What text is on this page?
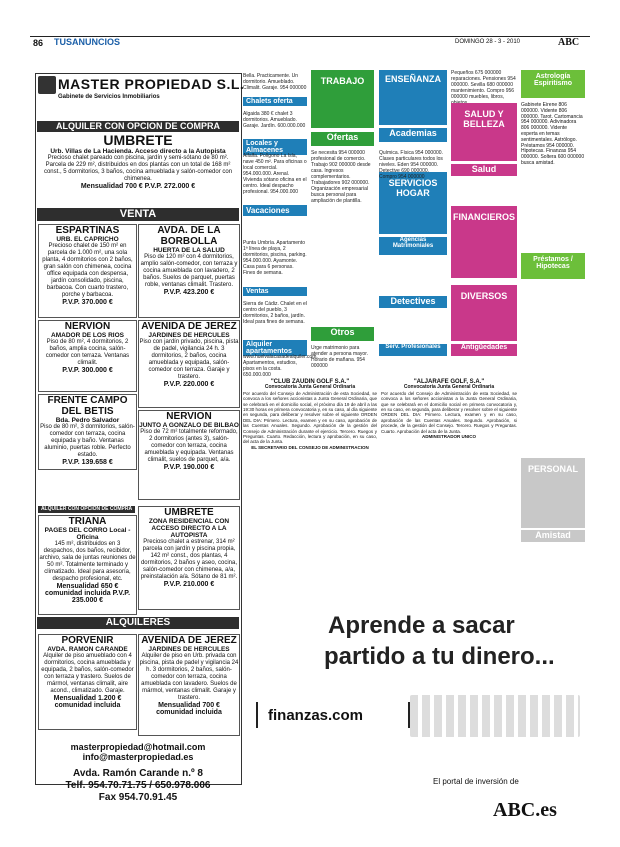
86 TUSANUNCIOS	DOMINGO 28 - 3 - 2010	ABC
MASTER PROPIEDAD S.L.
Gabinete de Servicios Inmobiliarios
ALQUILER CON OPCION DE COMPRA
UMBRETE
Urb. Villas de La Hacienda. Acceso directo a la Autopista
Precioso chalet pareado con piscina, jardín y semi-sótano de 80 m². Parcela de 229 m², distribuidos en dos plantas con un total de 168 m² const., 5 dormitorios, 3 baños, cocina amueblada y salón-comedor con chimenea.
Mensualidad 700 € P.V.P. 272.000 €
VENTA
ESPARTINAS
URB. EL CAPRICHO
Precioso chalet de 150 m² en parcela de 1.000 m², una sola planta, 4 dormitorios con 2 baños, gran salón con chimenea, cocina office equipada con despensa, jardín consolidado, piscina, barbacoa. Con cuarto trastero, porche y barbacoa.
P.V.P. 370.000 €
AVDA. DE LA BORBOLLA
HUERTA DE LA SALUD
Piso de 120 m² con 4 dormitorios, amplio salón-comedor, con terraza y cocina amueblada con lavadero, 2 baños. Suelos de parquet, puertas roble, ventanas climalit. Trastero.
P.V.P. 423.200 €
NERVION
AMADOR DE LOS RIOS
Piso de 80 m², 4 dormitorios, 2 baños, amplia cocina, salón-comedor con terraza. Ventanas climalit.
P.V.P. 300.000 €
AVENIDA DE JEREZ
JARDINES DE HERCULES
Piso con jardín privado, piscina, pista de padel, vigilancia 24 h. 3 dormitorios, 2 baños, cocina amueblada y equipada, salón-comedor con terraza. Garaje y trastero.
P.V.P. 220.000 €
FRENTE CAMPO DEL BETIS
Bda. Pedro Salvador
Piso de 80 m², 3 dormitorios, salón-comedor con terraza, cocina equipada y baño. Ventanas aluminio, puertas roble. Perfecto estado.
P.V.P. 139.658 €
NERVION
JUNTO A GONZALO DE BILBAO
Piso de 72 m² totalmente reformado, 2 dormitorios (antes 3), salón-comedor con terraza, cocina amueblada y equipada. Ventanas climalit, suelos de parquet, a/a.
P.V.P. 190.000 €
ALQUILER CON OPCION DE COMPRA
TRIANA
PAGES DEL CORRO Local - Oficina
145 m², distribuidos en 3 despachos, dos baños, recibidor, archivo, sala de juntas reuniones de 50 m². Totalmente terminado y climatizado. Ideal para asesoría, despacho profesional, etc.
Mensualidad 650 € comunidad incluida P.V.P. 235.000 €
UMBRETE
ZONA RESIDENCIAL CON ACCESO DIRECTO A LA AUTOPISTA
Precioso chalet a estrenar, 314 m² parcela con jardín y piscina propia, 142 m² const., dos plantas, 4 dormitorios, 2 baños y aseo, cocina, salón-comedor con chimenea, a/a, preinstalación a/a. Sótano de 81 m².
P.V.P. 210.000 €
ALQUILERES
PORVENIR
AVDA. RAMON CARANDE
Alquiler de piso amueblado con 4 dormitorios, cocina amueblada y equipada, 2 baños, salón-comedor con terraza y trastero. Suelos de mármol, ventanas climalit, aire acond., climatizado. Garaje.
Mensualidad 1.200 € comunidad incluida
AVENIDA DE JEREZ
JARDINES DE HERCULES
Alquiler de piso en Urb. privada con piscina, pista de padel y vigilancia 24 h. 3 dormitorios, 2 baños, salón-comedor con terraza, cocina amueblada con lavadero. Suelos de mármol, ventanas climalit. Garaje y trastero.
Mensualidad 700 € comunidad incluida
masterpropiedad@hotmail.com
info@masterpropiedad.es
Avda. Ramón Carande n.º 8
Telf. 954.70.71.75 / 650.978.006
Fax 954.70.91.45
Bella. Practicamente. Un dormitorio. Amueblado. Climalit. Garaje. 954 000000
Chalets oferta
Algaida 380 € chalet 3 dormitorios. Amueblado. Garaje. Jardín. 600.000.000
Locales y Almacenes
Alfalfa. Polígono La Isla, nave 450 m². Para oficinas o local comercial. 954.000.000. Arenal. Vivienda sótano oficina en el centro. Ideal despacho profesional. 954.000.000
Vacaciones
Punta Umbría. Apartamento 1ª línea de playa, 2 dormitorios, piscina, parking. 954.000.000. Ayamonte. Casa para 6 personas. Fines de semana.
Ventas
Sierra de Cádiz. Chalet en el centro del pueblo, 3 dormitorios, 2 baños, jardín. Ideal para fines de semana.
Alquiler apartamentos
www.huelvalacasadealquiler.com. Apartamentos, estudios, pisos en la costa. 650.000.000
TRABAJO
Ofertas
Se necesita 954 000000 profesional de comercio. Trabajo 902 000000 desde casa. Ingresos complementarios. Trabajadores 902 000000. Organización empresarial busca personal para ampliación de plantilla.
Otros
Urge matrimonio para atender a persona mayor. Horario de mañana. 954 000000
ENSEÑANZA
Academias
SERVICIOS HOGAR
Agencias Matrimoniales
Detectives
Serv. Profesionales
Química. Física 954 000000. Clases particulares todos los niveles. Eden 954 000000. Detective 690 000000. Compro 954 000000
Pequeños 675 000000 reparaciones. Pensiones 954 000000. Sevilla 680 000000 mantenimiento. Compro 956 000000 muebles, libros,
SALUD Y BELLEZA
Salud
FINANCIEROS
DIVERSOS
Antigüedades
Astrología Espiritismo
Gabinete Eirene 806 000000. Vidente 806 000000. Tarot. Cartomancia 954 000000. Adivinadora 806 000000. Vidente experta en temas sentimentales. Astrólogo. Préstamos 954 000000. Hipotecas. Finanzas 954 000000. Soltera 600 000000 busca amistad.
Préstamos / Hipotecas
PERSONAL
Amistad
"CLUB ZAUDIN GOLF S.A."
Convocatoria Junta General Ordinaria
Por acuerdo del Consejo de Administración de esta Sociedad, se convoca a los señores accionistas a Junta General Ordinaria, que se celebrará en el domicilio social, el próximo día 19 de abril a las 19:30 horas en primera convocatoria y, en su caso, al día siguiente en segunda, para deliberar y resolver sobre el siguiente ORDEN DEL DIA: Primero. Lectura, examen y en su caso, aprobación de las Cuentas Anuales. Segundo. Aprobación de la gestión del Consejo de Administración durante el ejercicio. Tercero. Ruegos y Preguntas. Cuarto. Redacción, lectura y aprobación, en su caso, del acta de la Junta.
EL SECRETARIO DEL CONSEJO DE ADMINISTRACION
"ALJARAFE GOLF, S.A."
Convocatoria Junta General Ordinaria
Por acuerdo del Consejo de Administración de esta Sociedad, se convoca a los señores accionistas a la Junta General Ordinaria, que se celebrará en el domicilio social en primera convocatoria y, en su caso, en segunda, para deliberar y resolver sobre el siguiente ORDEN DEL DIA: Primero. Lectura, examen y en su caso, aprobación de las Cuentas Anuales. Segundo. Aprobación, si procede, de la gestión del Consejo. Tercero. Ruegos y Preguntas. Cuarto. Aprobación del acta de la Junta.
ADMINISTRADOR UNICO
Aprende a sacar
partido a tu dinero...
finanzas.com
El portal de inversión de
ABC.es
